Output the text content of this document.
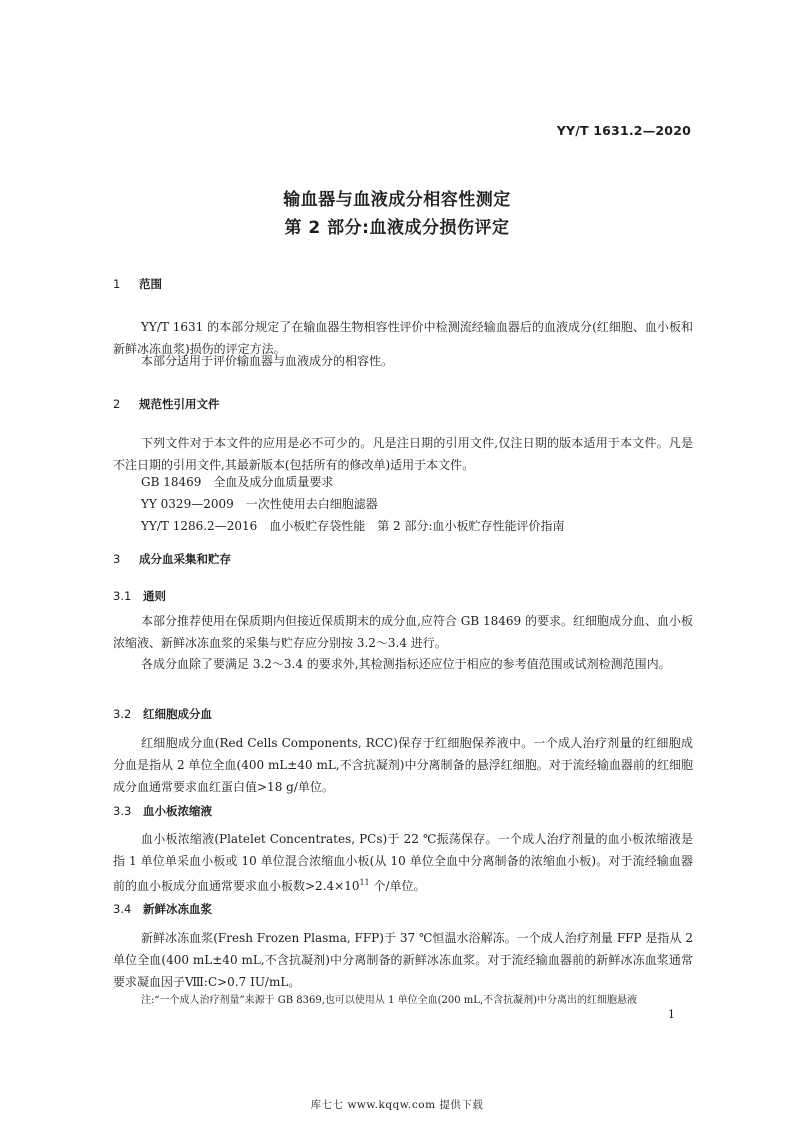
YY/T 1631.2—2020
输血器与血液成分相容性测定
第 2 部分:血液成分损伤评定
1 范围

YY/T 1631 的本部分规定了在输血器生物相容性评价中检测流经输血器后的血液成分(红细胞、血小板和新鲜冰冻血浆)损伤的评定方法。

本部分适用于评价输血器与血液成分的相容性。

2 规范性引用文件

下列文件对于本文件的应用是必不可少的。凡是注日期的引用文件,仅注日期的版本适用于本文件。凡是不注日期的引用文件,其最新版本(包括所有的修改单)适用于本文件。

GB 18469　全血及成分血质量要求
YY 0329—2009　一次性使用去白细胞滤器
YY/T 1286.2—2016　血小板贮存袋性能　第 2 部分:血小板贮存性能评价指南
3 成分血采集和贮存
3.1 通则

本部分推荐使用在保质期内但接近保质期末的成分血,应符合 GB 18469 的要求。红细胞成分血、血小板浓缩液、新鲜冰冻血浆的采集与贮存应分别按 3.2～3.4 进行。

各成分血除了要满足 3.2～3.4 的要求外,其检测指标还应位于相应的参考值范围或试剂检测范围内。

3.2 红细胞成分血

红细胞成分血(Red Cells Components, RCC)保存于红细胞保养液中。一个成人治疗剂量的红细胞成分血是指从 2 单位全血(400 mL±40 mL,不含抗凝剂)中分离制备的悬浮红细胞。对于流经输血器前的红细胞成分血通常要求血红蛋白值>18 g/单位。

3.3 血小板浓缩液

血小板浓缩液(Platelet Concentrates, PCs)于 22 ℃振荡保存。一个成人治疗剂量的血小板浓缩液是指 1 单位单采血小板或 10 单位混合浓缩血小板(从 10 单位全血中分离制备的浓缩血小板)。对于流经输血器前的血小板成分血通常要求血小板数$>2.4\times 10^{11}$ 个/单位。

3.4 新鲜冰冻血浆

新鲜冰冻血浆(Fresh Frozen Plasma, FFP)于 37 ℃恒温水浴解冻。一个成人治疗剂量 FFP 是指从 2 单位全血(400 mL±40 mL,不含抗凝剂)中分离制备的新鲜冰冻血浆。对于流经输血器前的新鲜冰冻血浆通常要求凝血因子Ⅷ:C>0.7 IU/mL。

注:“一个成人治疗剂量”来源于 GB 8369,也可以使用从 1 单位全血(200 mL,不含抗凝剂)中分离出的红细胞悬液
1
库七七 www.kqqw.com 提供下载
